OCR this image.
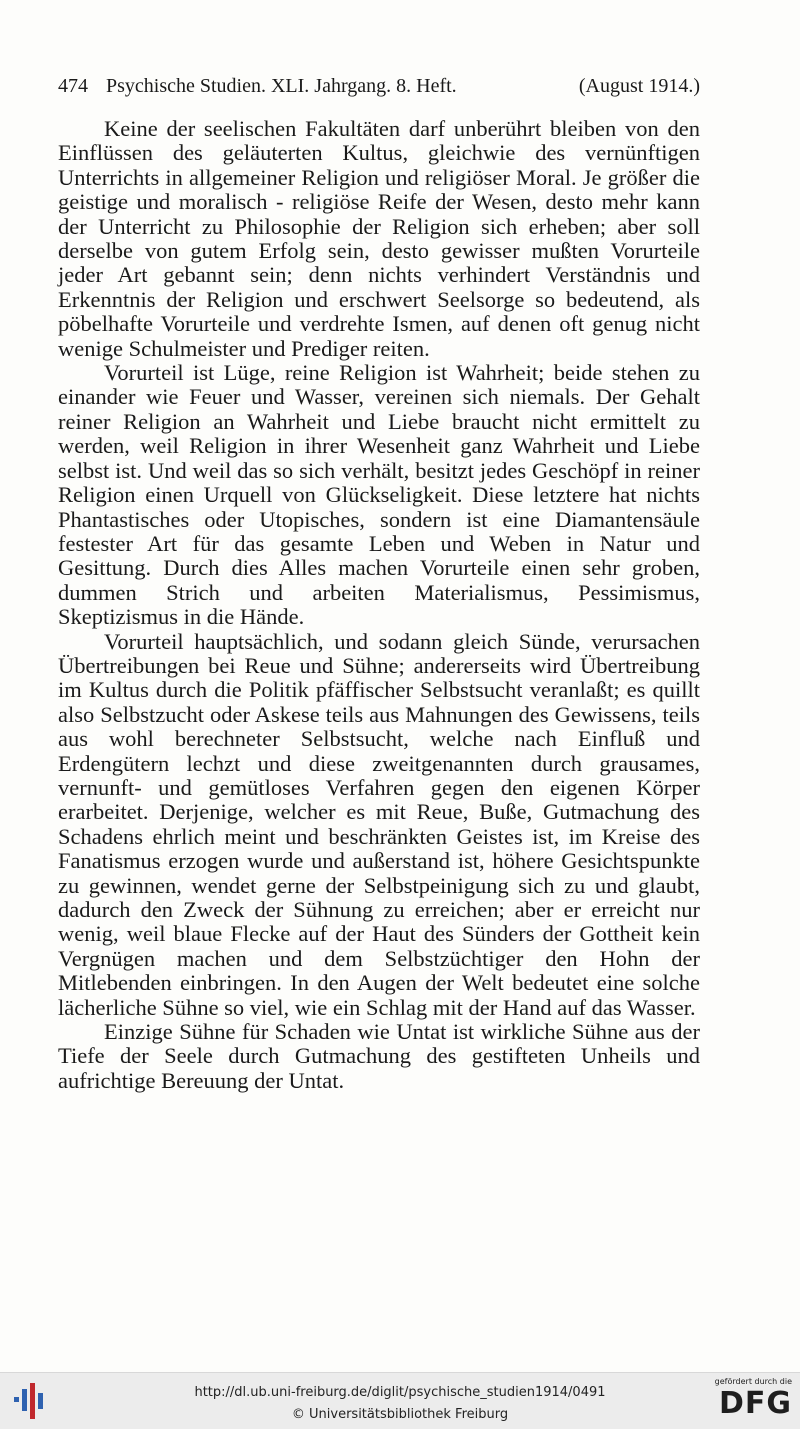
474 Psychische Studien. XLI. Jahrgang. 8. Heft.	(August 1914.)

Keine der seelischen Fakultäten darf unberührt bleiben von den Einflüssen des geläuterten Kultus, gleichwie des vernünftigen Unterrichts in allgemeiner Religion und religiöser Moral. Je größer die geistige und moralisch - religiöse Reife der Wesen, desto mehr kann der Unterricht zu Philosophie der Religion sich erheben; aber soll derselbe von gutem Erfolg sein, desto gewisser mußten Vorurteile jeder Art gebannt sein; denn nichts verhindert Verständnis und Erkenntnis der Religion und erschwert Seelsorge so bedeutend, als pöbelhafte Vorurteile und verdrehte Ismen, auf denen oft genug nicht wenige Schulmeister und Prediger reiten.

Vorurteil ist Lüge, reine Religion ist Wahrheit; beide stehen zu einander wie Feuer und Wasser, vereinen sich niemals. Der Gehalt reiner Religion an Wahrheit und Liebe braucht nicht ermittelt zu werden, weil Religion in ihrer Wesenheit ganz Wahrheit und Liebe selbst ist. Und weil das so sich verhält, besitzt jedes Geschöpf in reiner Religion einen Urquell von Glückseligkeit. Diese letztere hat nichts Phantastisches oder Utopisches, sondern ist eine Diamantensäule festester Art für das gesamte Leben und Weben in Natur und Gesittung. Durch dies Alles machen Vorurteile einen sehr groben, dummen Strich und arbeiten Materialismus, Pessimismus, Skeptizismus in die Hände.

Vorurteil hauptsächlich, und sodann gleich Sünde, verursachen Übertreibungen bei Reue und Sühne; andererseits wird Übertreibung im Kultus durch die Politik pfäffischer Selbstsucht veranlaßt; es quillt also Selbstzucht oder Askese teils aus Mahnungen des Gewissens, teils aus wohl berechneter Selbstsucht, welche nach Einfluß und Erdengütern lechzt und diese zweitgenannten durch grausames, vernunft- und gemütloses Verfahren gegen den eigenen Körper erarbeitet. Derjenige, welcher es mit Reue, Buße, Gutmachung des Schadens ehrlich meint und beschränkten Geistes ist, im Kreise des Fanatismus erzogen wurde und außerstand ist, höhere Gesichtspunkte zu gewinnen, wendet gerne der Selbstpeinigung sich zu und glaubt, dadurch den Zweck der Sühnung zu erreichen; aber er erreicht nur wenig, weil blaue Flecke auf der Haut des Sünders der Gottheit kein Vergnügen machen und dem Selbstzüchtiger den Hohn der Mitlebenden einbringen. In den Augen der Welt bedeutet eine solche lächerliche Sühne so viel, wie ein Schlag mit der Hand auf das Wasser.

Einzige Sühne für Schaden wie Untat ist wirkliche Sühne aus der Tiefe der Seele durch Gutmachung des gestifteten Unheils und aufrichtige Bereuung der Untat.

http://dl.ub.uni-freiburg.de/diglit/psychische_studien1914/0491
© Universitätsbibliothek Freiburg
gefördert durch die
DFG
